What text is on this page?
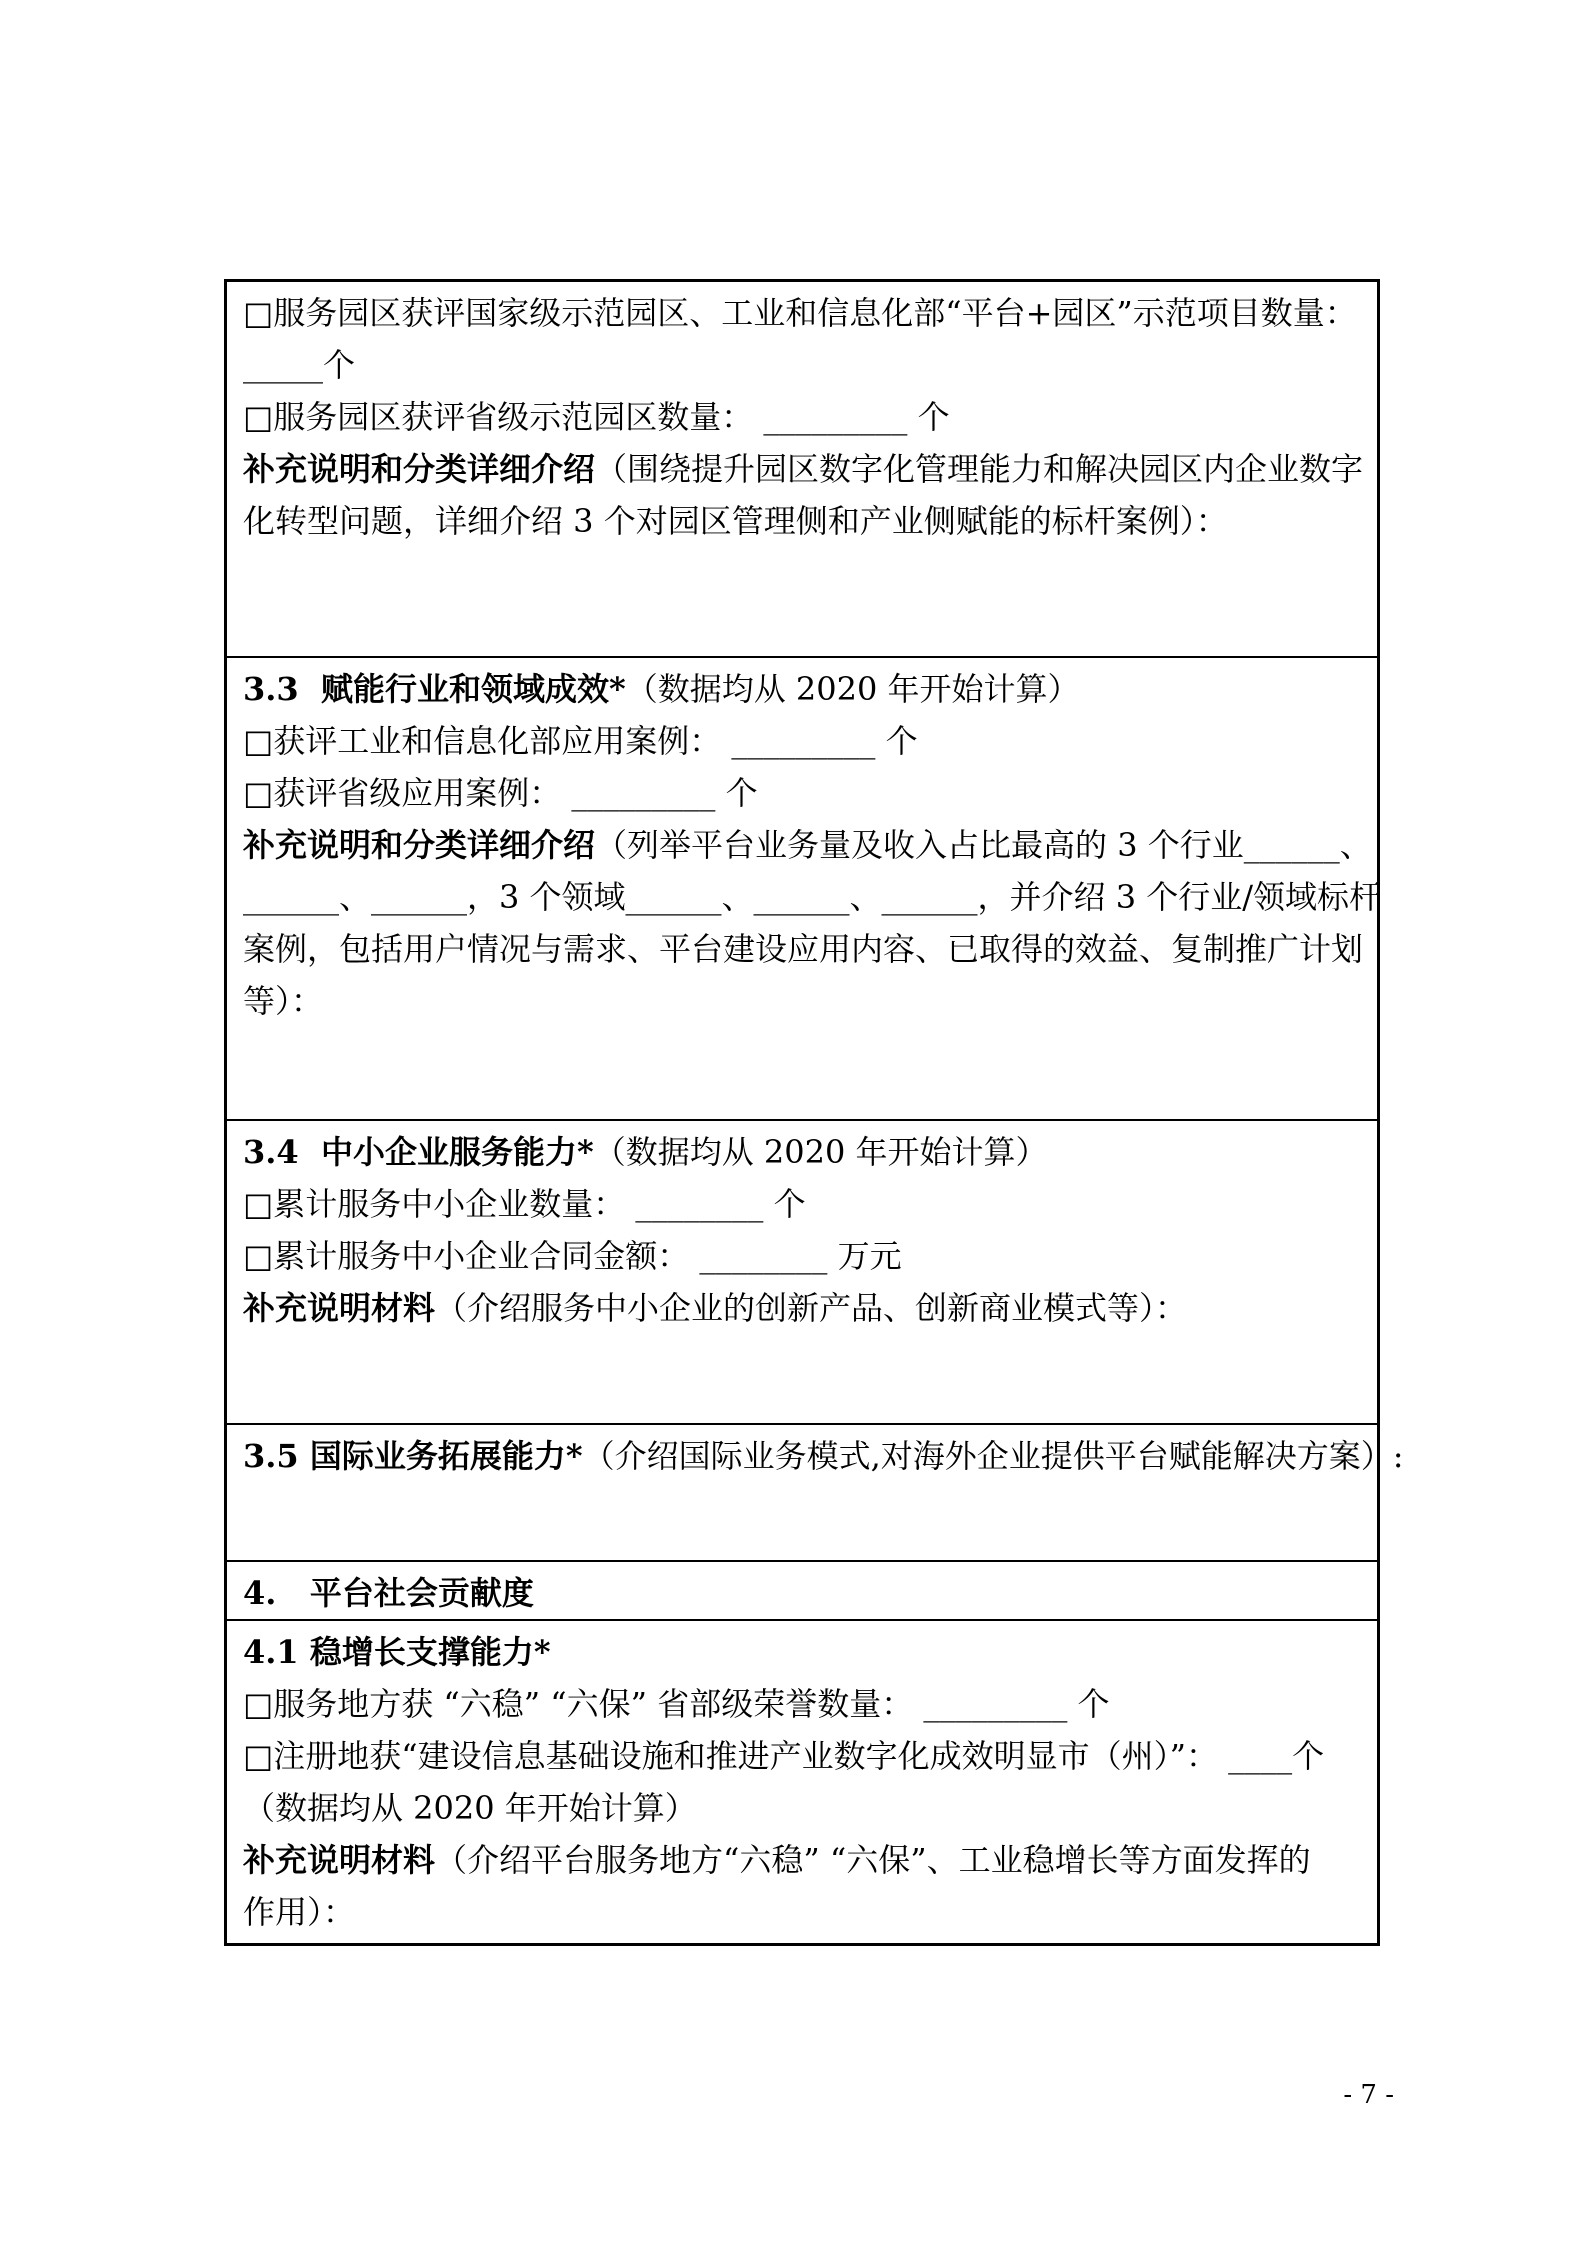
□服务园区获评国家级示范园区、工业和信息化部“平台+园区”示范项目数量：
_____个
□服务园区获评省级示范园区数量： _________ 个
补充说明和分类详细介绍（围绕提升园区数字化管理能力和解决园区内企业数字
化转型问题，详细介绍 3 个对园区管理侧和产业侧赋能的标杆案例）：
3.3  赋能行业和领域成效*（数据均从 2020 年开始计算）
□获评工业和信息化部应用案例： _________ 个
□获评省级应用案例： _________ 个
补充说明和分类详细介绍（列举平台业务量及收入占比最高的 3 个行业______、
______、______，3 个领域______、______、______，并介绍 3 个行业/领域标杆
案例，包括用户情况与需求、平台建设应用内容、已取得的效益、复制推广计划
等）：
3.4  中小企业服务能力*（数据均从 2020 年开始计算）
□累计服务中小企业数量： ________ 个
□累计服务中小企业合同金额： ________ 万元
补充说明材料（介绍服务中小企业的创新产品、创新商业模式等）：
3.5 国际业务拓展能力*（介绍国际业务模式,对海外企业提供平台赋能解决方案）:
4.   平台社会贡献度
4.1 稳增长支撑能力*
□服务地方获 “六稳” “六保” 省部级荣誉数量： _________ 个
□注册地获“建设信息基础设施和推进产业数字化成效明显市（州）”： ____个
（数据均从 2020 年开始计算）
补充说明材料（介绍平台服务地方“六稳” “六保”、工业稳增长等方面发挥的
作用）：
- 7 -
